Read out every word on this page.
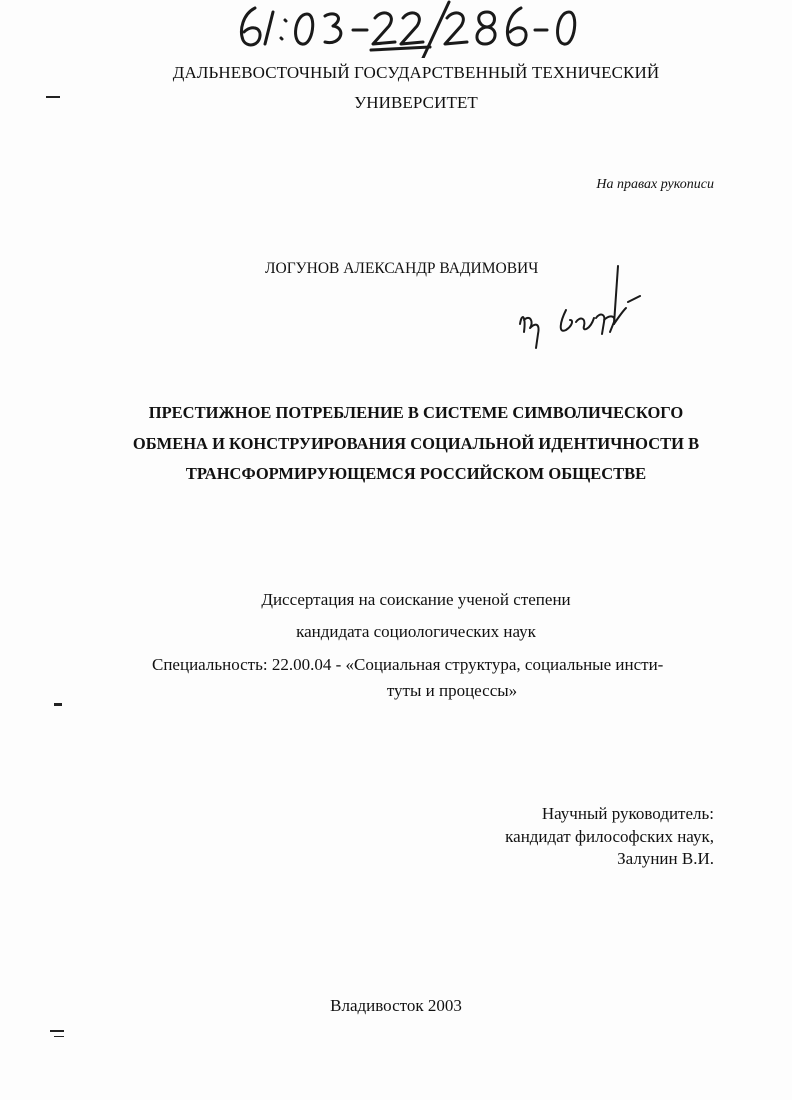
ДАЛЬНЕВОСТОЧНЫЙ ГОСУДАРСТВЕННЫЙ ТЕХНИЧЕСКИЙ
УНИВЕРСИТЕТ
На правах рукописи
ЛОГУНОВ АЛЕКСАНДР ВАДИМОВИЧ
ПРЕСТИЖНОЕ ПОТРЕБЛЕНИЕ В СИСТЕМЕ СИМВОЛИЧЕСКОГО
ОБМЕНА И КОНСТРУИРОВАНИЯ СОЦИАЛЬНОЙ ИДЕНТИЧНОСТИ В
ТРАНСФОРМИРУЮЩЕМСЯ РОССИЙСКОМ ОБЩЕСТВЕ
Диссертация на соискание ученой степени
кандидата социологических наук
Специальность: 22.00.04 - «Социальная структура, социальные инсти-
туты и процессы»
Научный руководитель:
кандидат философских наук,
Залунин В.И.
Владивосток 2003
